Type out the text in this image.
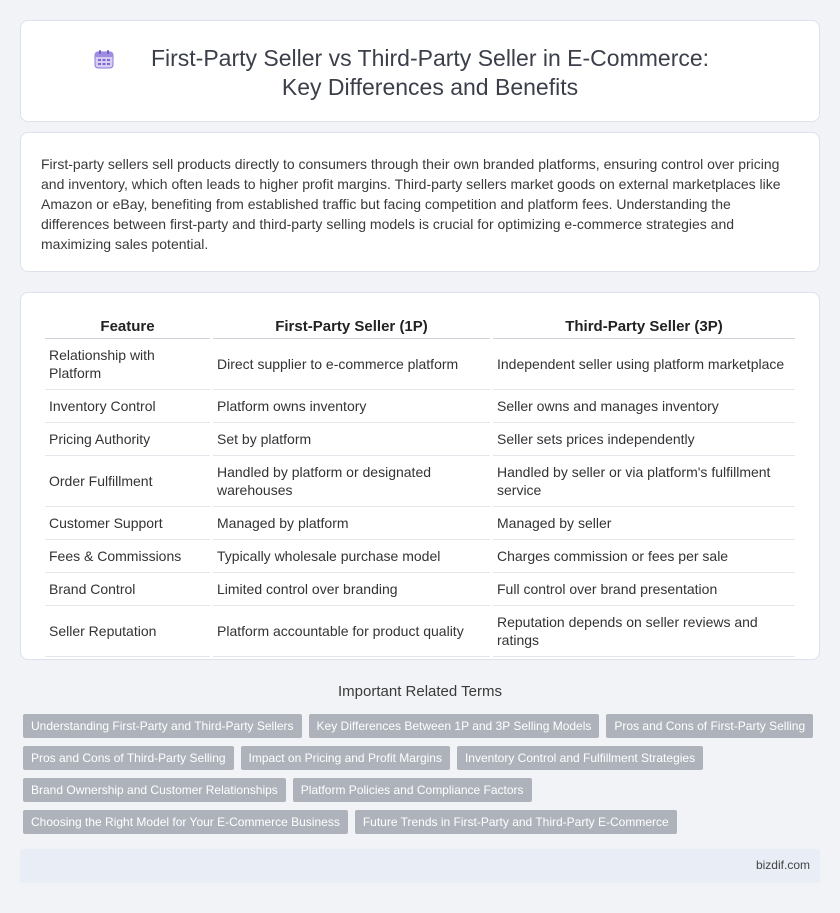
First-Party Seller vs Third-Party Seller in E-Commerce: Key Differences and Benefits

First-party sellers sell products directly to consumers through their own branded platforms, ensuring control over pricing and inventory, which often leads to higher profit margins. Third-party sellers market goods on external marketplaces like Amazon or eBay, benefiting from established traffic but facing competition and platform fees. Understanding the differences between first-party and third-party selling models is crucial for optimizing e-commerce strategies and maximizing sales potential.

Feature	First-Party Seller (1P)	Third-Party Seller (3P)
Relationship with Platform	Direct supplier to e-commerce platform	Independent seller using platform marketplace
Inventory Control	Platform owns inventory	Seller owns and manages inventory
Pricing Authority	Set by platform	Seller sets prices independently
Order Fulfillment	Handled by platform or designated warehouses	Handled by seller or via platform's fulfillment service
Customer Support	Managed by platform	Managed by seller
Fees & Commissions	Typically wholesale purchase model	Charges commission or fees per sale
Brand Control	Limited control over branding	Full control over brand presentation
Seller Reputation	Platform accountable for product quality	Reputation depends on seller reviews and ratings
Important Related Terms
Understanding First-Party and Third-Party Sellers	Key Differences Between 1P and 3P Selling Models	Pros and Cons of First-Party Selling
Pros and Cons of Third-Party Selling	Impact on Pricing and Profit Margins	Inventory Control and Fulfillment Strategies
Brand Ownership and Customer Relationships	Platform Policies and Compliance Factors
Choosing the Right Model for Your E-Commerce Business	Future Trends in First-Party and Third-Party E-Commerce
bizdif.com
